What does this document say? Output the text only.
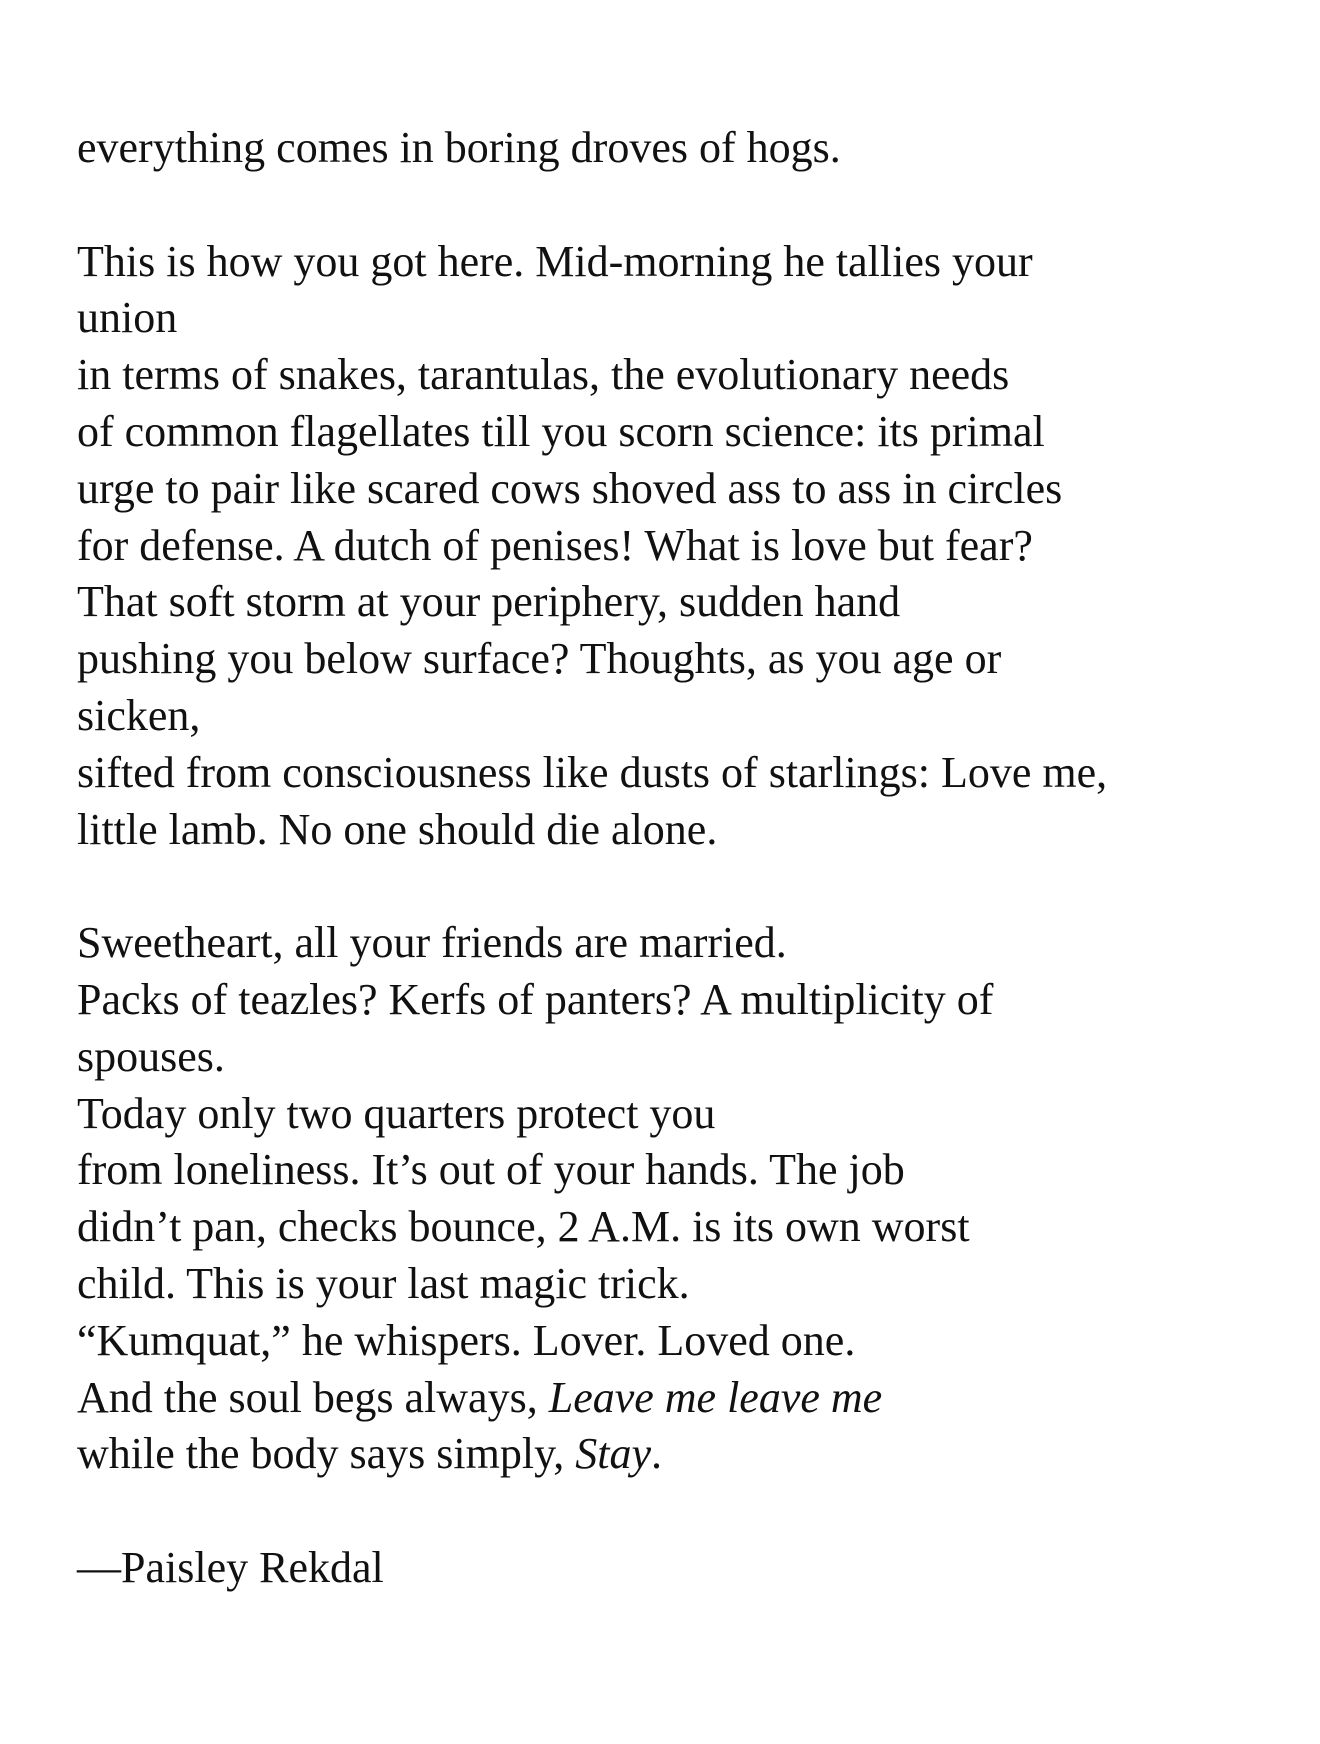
everything comes in boring droves of hogs.
This is how you got here. Mid-morning he tallies your
union
in terms of snakes, tarantulas, the evolutionary needs
of common flagellates till you scorn science: its primal
urge to pair like scared cows shoved ass to ass in circles
for defense. A dutch of penises! What is love but fear?
That soft storm at your periphery, sudden hand
pushing you below surface? Thoughts, as you age or
sicken,
sifted from consciousness like dusts of starlings: Love me,
little lamb. No one should die alone.
Sweetheart, all your friends are married.
Packs of teazles? Kerfs of panters? A multiplicity of
spouses.
Today only two quarters protect you
from loneliness. It’s out of your hands. The job
didn’t pan, checks bounce, 2 A.M. is its own worst
child. This is your last magic trick.
“Kumquat,” he whispers. Lover. Loved one.
And the soul begs always, Leave me leave me
while the body says simply, Stay.
—Paisley Rekdal
